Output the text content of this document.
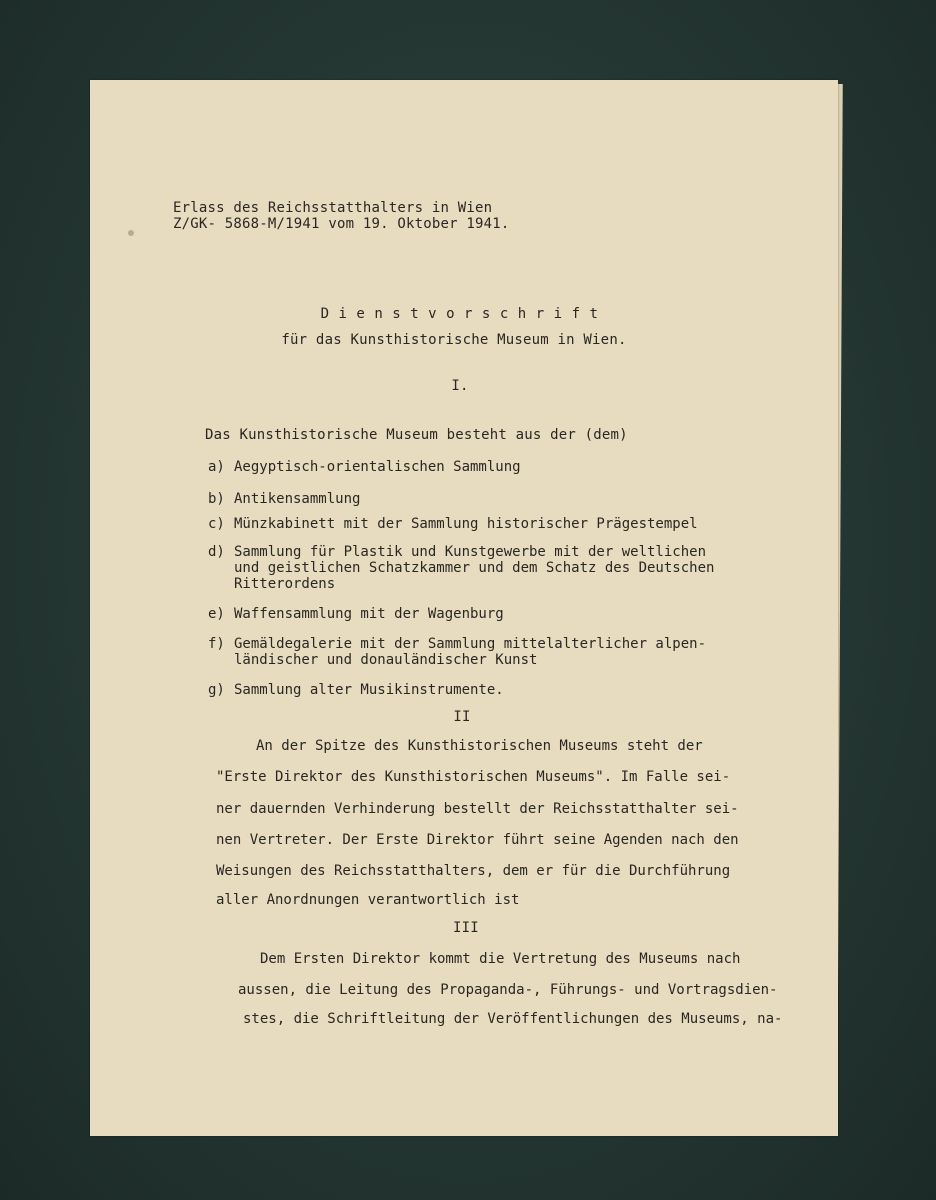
Erlass des Reichsstatthalters in Wien
Z/GK- 5868-M/1941 vom 19. Oktober 1941.
Dienstvorschrift
für das Kunsthistorische Museum in Wien.
I.
Das Kunsthistorische Museum besteht aus der (dem)
a) Aegyptisch-orientalischen Sammlung
b) Antikensammlung
c) Münzkabinett mit der Sammlung historischer Prägestempel
d) Sammlung für Plastik und Kunstgewerbe mit der weltlichen
und geistlichen Schatzkammer und dem Schatz des Deutschen
Ritterordens
e) Waffensammlung mit der Wagenburg
f) Gemäldegalerie mit der Sammlung mittelalterlicher alpen-
ländischer und donauländischer Kunst
g) Sammlung alter Musikinstrumente.
II
An der Spitze des Kunsthistorischen Museums steht der
"Erste Direktor des Kunsthistorischen Museums". Im Falle sei-
ner dauernden Verhinderung bestellt der Reichsstatthalter sei-
nen Vertreter. Der Erste Direktor führt seine Agenden nach den
Weisungen des Reichsstatthalters, dem er für die Durchführung
aller Anordnungen verantwortlich ist
III
Dem Ersten Direktor kommt die Vertretung des Museums nach
aussen, die Leitung des Propaganda-, Führungs- und Vortragsdien-
stes, die Schriftleitung der Veröffentlichungen des Museums, na-
